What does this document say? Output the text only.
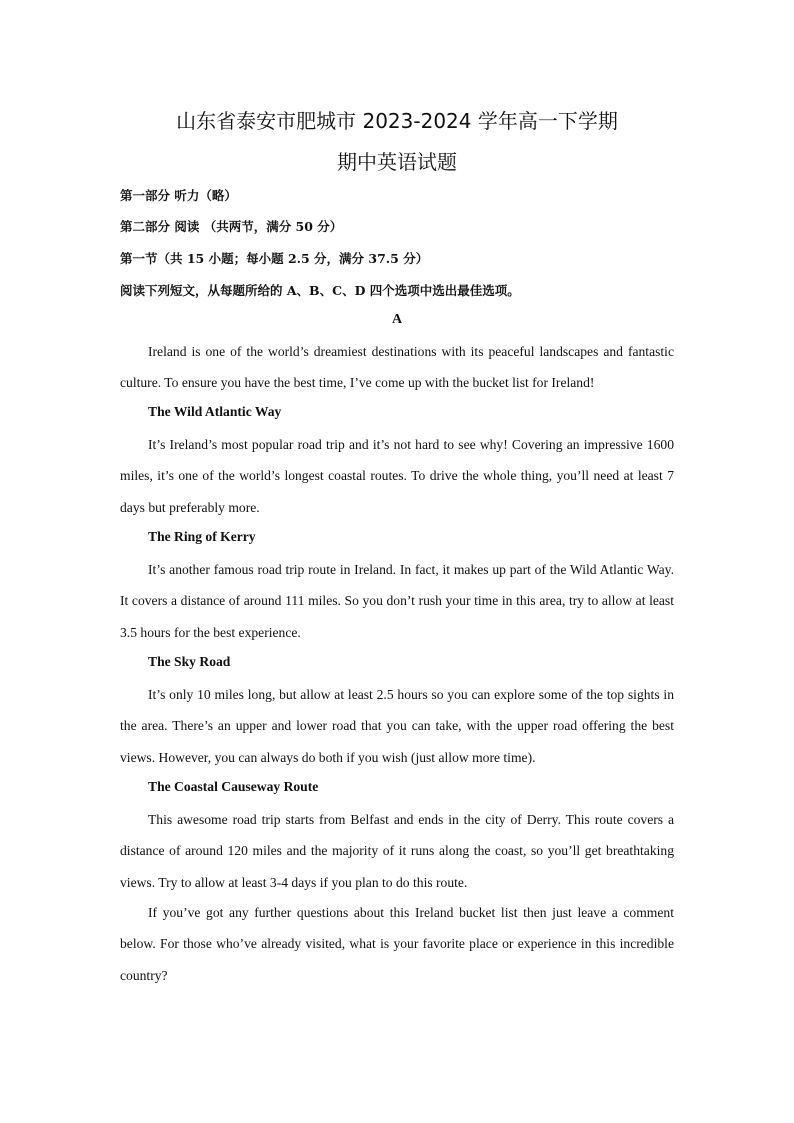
山东省泰安市肥城市 2023-2024 学年高一下学期
期中英语试题
第一部分 听力（略）
第二部分 阅读 （共两节，满分 50 分）
第一节（共 15 小题；每小题 2.5 分，满分 37.5 分）
阅读下列短文，从每题所给的 A、B、C、D 四个选项中选出最佳选项。
A
Ireland is one of the world’s dreamiest destinations with its peaceful landscapes and fantastic culture. To ensure you have the best time, I’ve come up with the bucket list for Ireland!
The Wild Atlantic Way
It’s Ireland’s most popular road trip and it’s not hard to see why! Covering an impressive 1600 miles, it’s one of the world’s longest coastal routes. To drive the whole thing, you’ll need at least 7 days but preferably more.
The Ring of Kerry
It’s another famous road trip route in Ireland. In fact, it makes up part of the Wild Atlantic Way. It covers a distance of around 111 miles. So you don’t rush your time in this area, try to allow at least 3.5 hours for the best experience.
The Sky Road
It’s only 10 miles long, but allow at least 2.5 hours so you can explore some of the top sights in the area. There’s an upper and lower road that you can take, with the upper road offering the best views. However, you can always do both if you wish (just allow more time).
The Coastal Causeway Route
This awesome road trip starts from Belfast and ends in the city of Derry. This route covers a distance of around 120 miles and the majority of it runs along the coast, so you’ll get breathtaking views. Try to allow at least 3-4 days if you plan to do this route.
If you’ve got any further questions about this Ireland bucket list then just leave a comment below. For those who’ve already visited, what is your favorite place or experience in this incredible country?
